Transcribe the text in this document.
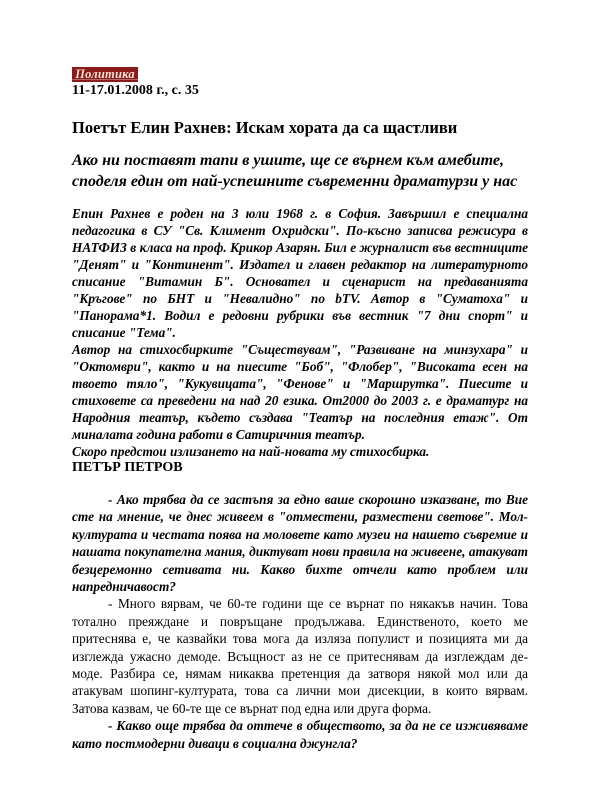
Политика
11-17.01.2008 г., с. 35
Поетът Елин Рахнев: Искам хората да са щастливи
Ако ни поставят тапи в ушите, ще се върнем към амебите, споделя един от най-успешните съвременни драматурзи у нас

Епин Рахнев е роден на 3 юли 1968 г. в София. Завършил е специална педагогика в СУ "Св. Климент Охридски". По-късно записва режисура в НАТФИЗ в класа на проф. Крикор Азарян. Бил е журналист във вестниците "Денят" и "Континент". Издател и главен редактор на литературното списание "Витамин Б". Основател и сценарист на предаванията "Кръгове" по БНТ и "Невалидно" по bTV. Автор в "Суматоха" и "Панорама*1. Водил е редовни рубрики във вестник "7 дни спорт" и списание "Тема".

Автор на стихосбирките "Съществувам", "Развиване на минзухара" и "Октомври", както и на пиесите "Боб", "Флобер", "Високата есен на твоето тяло", "Кукувицата", "Фенове" и "Маршрутка". Пиесите и стиховете са преведени на над 20 езика. От2000 до 2003 г. е драматург на Народния театър, където създава "Театър на последния етаж". От миналата година работи в Сатиричния театър.

Скоро предстои излизането на най-новата му стихосбирка.

ПЕТЪР ПЕТРОВ

- Ако трябва да се застъпя за едно ваше скорошно изказване, то Вие сте на мнение, че днес живеем в "отместени, разместени светове". Мол-културата и честата поява на моловете като музеи на нашето съвремие и нашата покупателна мания, диктуват нови правила на живеене, атакуват безцеремонно сетивата ни. Какво бихте отчели като проблем или напредничавост?

- Много вярвам, че 60-те години ще се върнат по някакъв начин. Това тотално преяждане и повръщане продължава. Единственото, което ме притеснява е, че казвайки това мога да изляза популист и позицията ми да изглежда ужасно демоде. Всъщност аз не се притеснявам да изглеждам де-моде. Разбира се, нямам никаква претенция да затворя някой мол или да атакувам шопинг-културата, това са лични мои дисекции, в които вярвам. Затова казвам, че 60-те ще се върнат под една или друга форма.

- Какво още трябва да оттече в обществото, за да не се изживяваме като постмодерни диваци в социална джунгла?
